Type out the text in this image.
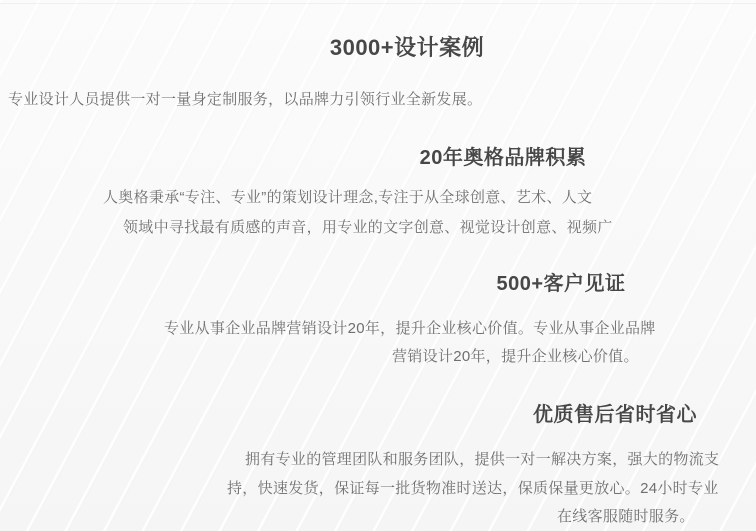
3000+设计案例
专业设计人员提供一对一量身定制服务，以品牌力引领行业全新发展。
20年奥格品牌积累
人奥格秉承“专注、专业”的策划设计理念,专注于从全球创意、艺术、人文
领域中寻找最有质感的声音，用专业的文字创意、视觉设计创意、视频广
500+客户见证
专业从事企业品牌营销设计20年，提升企业核心价值。专业从事企业品牌
营销设计20年，提升企业核心价值。
优质售后省时省心
拥有专业的管理团队和服务团队，提供一对一解决方案，强大的物流支
持，快速发货，保证每一批货物准时送达，保质保量更放心。24小时专业
在线客服随时服务。
